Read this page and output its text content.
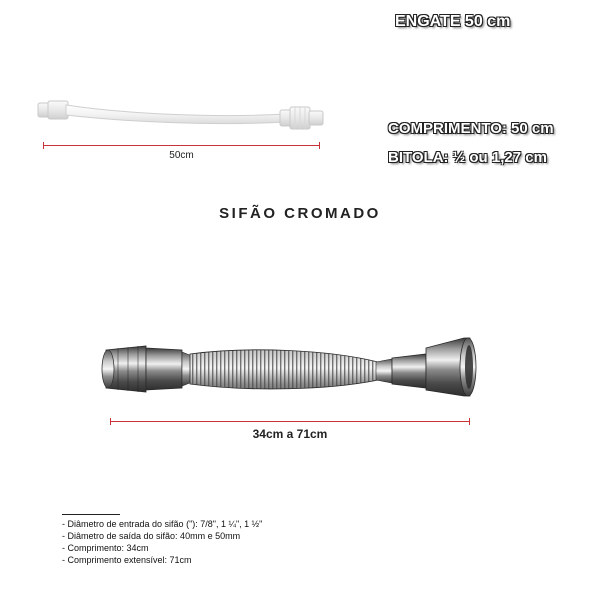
ENGATE 50 cm
COMPRIMENTO: 50 cm
BITOLA: ½ ou 1,27 cm
50cm
SIFÃO CROMADO
34cm a 71cm
- Diâmetro de entrada do sifão ("): 7/8", 1 ¼", 1 ½"
- Diâmetro de saída do sifão: 40mm e 50mm
- Comprimento: 34cm
- Comprimento extensível: 71cm
